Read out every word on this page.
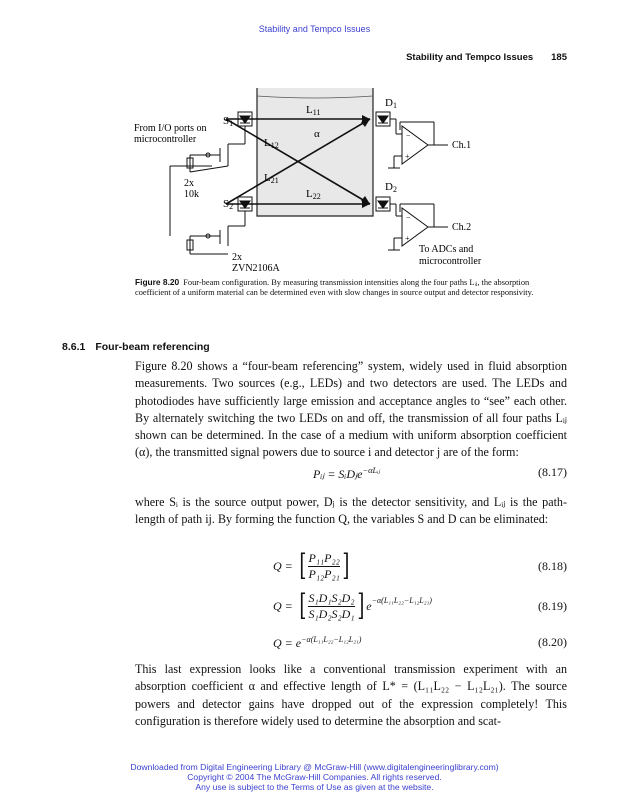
Stability and Tempco Issues
Stability and Tempco Issues 185
L11
α
L12
L21
L22
S1
S2
D1
D2
−
+
Ch.1
−
+
Ch.2
To ADCs and
microcontroller
From I/O ports on
microcontroller
2x
10k
2x
ZVN2106A
Figure 8.20 Four-beam configuration. By measuring transmission intensities along the four paths Lᵢⱼ, the absorption coefficient of a uniform material can be determined even with slow changes in source output and detector responsivity.
8.6.1 Four-beam referencing
Figure 8.20 shows a “four-beam referencing” system, widely used in fluid absorption measurements. Two sources (e.g., LEDs) and two detectors are used. The LEDs and photodiodes have sufficiently large emission and acceptance angles to “see” each other. By alternately switching the two LEDs on and off, the transmission of all four paths Lᵢⱼ shown can be determined. In the case of a medium with uniform absorption coefficient (α), the transmitted signal powers due to source i and detector j are of the form:
Pᵢⱼ = SᵢDⱼe$^{-\alpha Lᵢⱼ}$	(8.17)
where Sᵢ is the source output power, Dⱼ is the detector sensitivity, and Lᵢⱼ is the path-length of path ij. By forming the function Q, the variables S and D can be eliminated:
Q = [ $\frac{\text{P₁₁P₂₂}}{\text{P₁₂P₂₁}}$ ]	(8.18)
Q = [ $\frac{\text{S₁D₁S₂D₂}}{\text{S₁D₂S₂D₁}}$ ] $e^{-\alpha(L_{11}L_{22}-L_{12}L_{21})}$	(8.19)
$Q = e^{-\alpha(L_{11}L_{22}-L_{12}L_{21})}$	(8.20)
This last expression looks like a conventional transmission experiment with an absorption coefficient α and effective length of L* = (L₁₁L₂₂ − L₁₂L₂₁). The source powers and detector gains have dropped out of the expression completely! This configuration is therefore widely used to determine the absorption and scat-
Downloaded from Digital Engineering Library @ McGraw-Hill (www.digitalengineeringlibrary.com)
Copyright © 2004 The McGraw-Hill Companies. All rights reserved.
Any use is subject to the Terms of Use as given at the website.
